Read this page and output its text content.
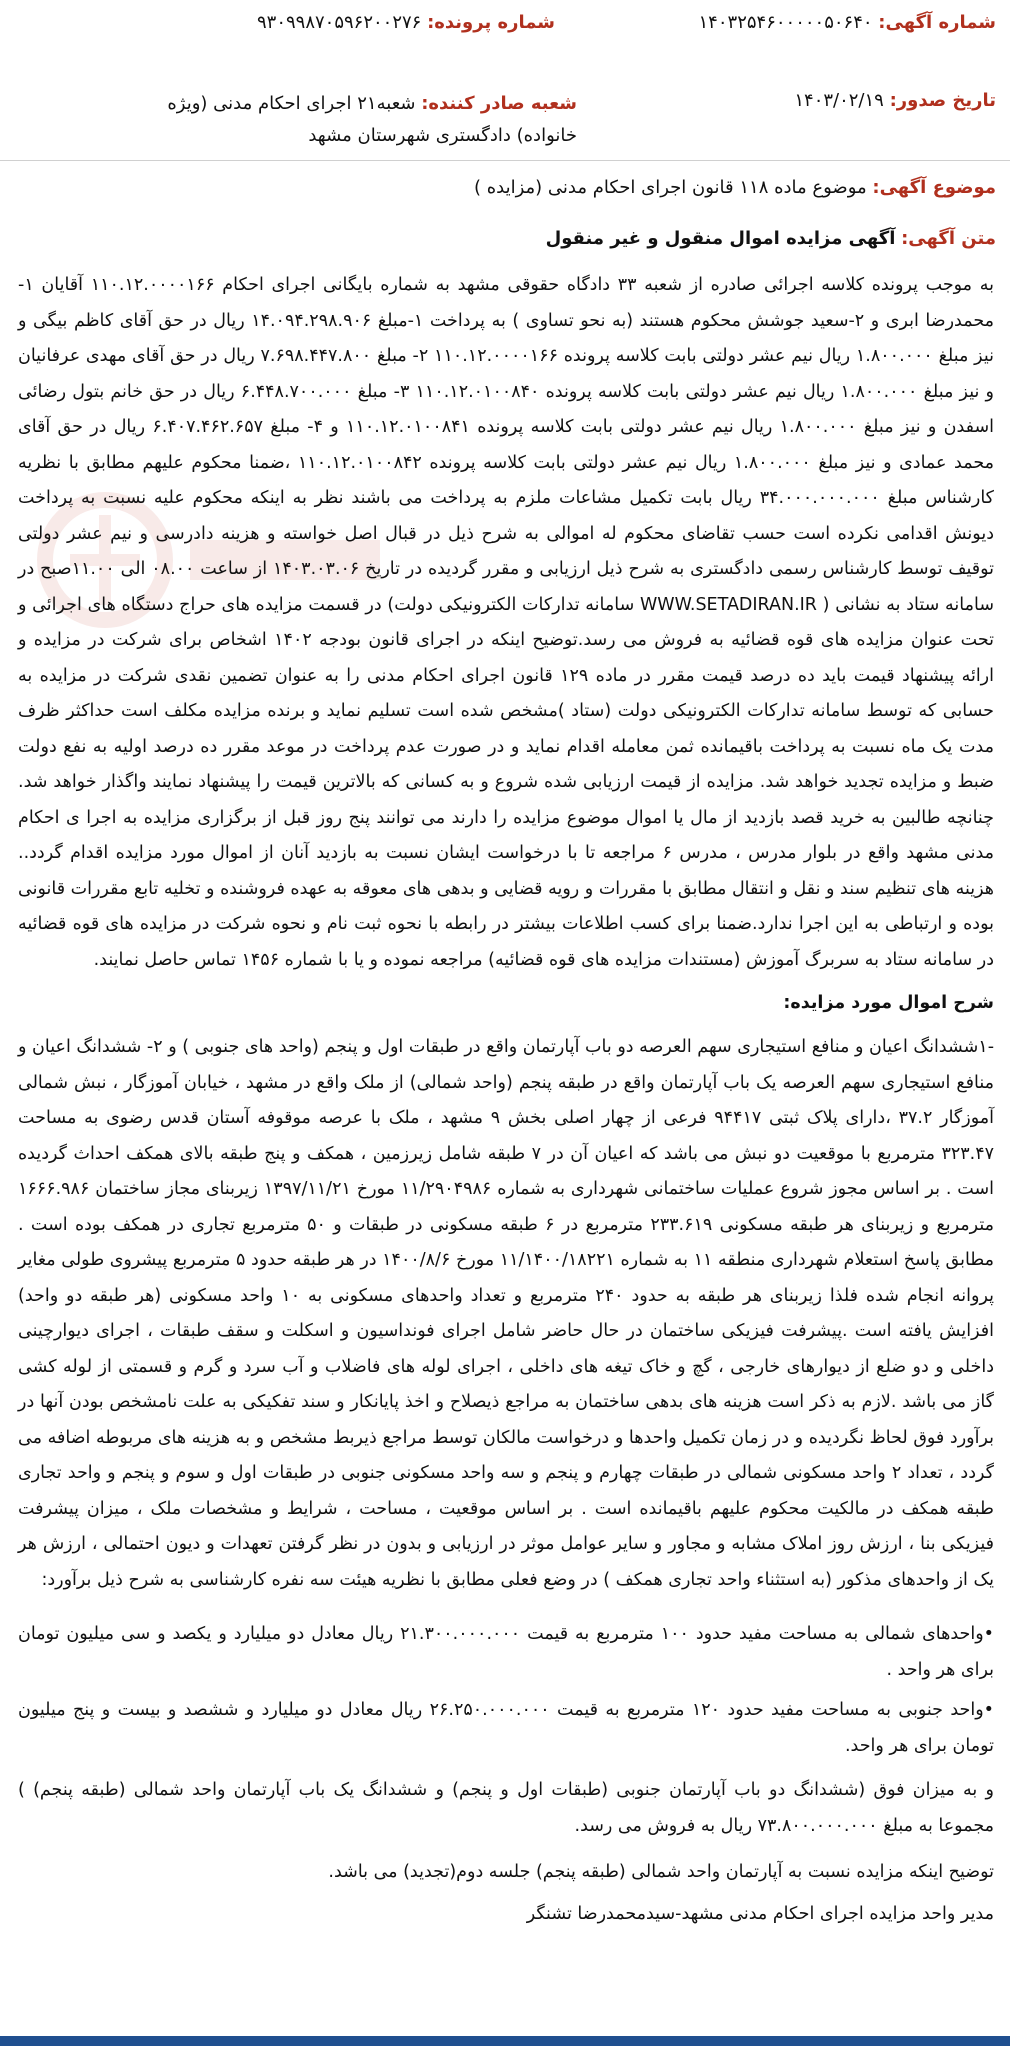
شماره آگهی: ۱۴۰۳۲۵۴۶۰۰۰۰۰۵۰۶۴۰
شماره پرونده: ۹۳۰۹۹۸۷۰۵۹۶۲۰۰۲۷۶
تاریخ صدور: ۱۴۰۳/۰۲/۱۹
شعبه صادر کننده: شعبه۲۱ اجرای احکام مدنی (ویژه خانواده) دادگستری شهرستان مشهد
موضوع آگهی: موضوع ماده ۱۱۸ قانون اجرای احکام مدنی (مزایده )
متن آگهی: آگهی مزایده اموال منقول و غیر منقول
به موجب پرونده کلاسه اجرائی صادره از شعبه ۳۳ دادگاه حقوقی مشهد به شماره بایگانی اجرای احکام ۱۱۰.۱۲.۰۰۰۰۱۶۶ آقایان ۱-محمدرضا ابری و ۲-سعید جوشش محکوم هستند (به نحو تساوی ) به پرداخت ۱-مبلغ ۱۴.۰۹۴.۲۹۸.۹۰۶ ریال در حق آقای کاظم بیگی و نیز مبلغ ۱.۸۰۰.۰۰۰ ریال نیم عشر دولتی بابت کلاسه پرونده ۱۱۰.۱۲.۰۰۰۰۱۶۶ ۲- مبلغ ۷.۶۹۸.۴۴۷.۸۰۰ ریال در حق آقای مهدی عرفانیان و نیز مبلغ ۱.۸۰۰.۰۰۰ ریال نیم عشر دولتی بابت کلاسه پرونده ۱۱۰.۱۲.۰۱۰۰۸۴۰ ۳- مبلغ ۶.۴۴۸.۷۰۰.۰۰۰ ریال در حق خانم بتول رضائی اسفدن و نیز مبلغ ۱.۸۰۰.۰۰۰ ریال نیم عشر دولتی بابت کلاسه پرونده ۱۱۰.۱۲.۰۱۰۰۸۴۱ و ۴- مبلغ ۶.۴۰۷.۴۶۲.۶۵۷ ریال در حق آقای محمد عمادی و نیز مبلغ ۱.۸۰۰.۰۰۰ ریال نیم عشر دولتی بابت کلاسه پرونده ۱۱۰.۱۲.۰۱۰۰۸۴۲ ،ضمنا محکوم علیهم مطابق با نظریه کارشناس مبلغ ۳۴.۰۰۰.۰۰۰.۰۰۰ ریال بابت تکمیل مشاعات ملزم به پرداخت می باشند نظر به اینکه محکوم علیه نسبت به پرداخت دیونش اقدامی نکرده است حسب تقاضای محکوم له اموالی به شرح ذیل در قبال اصل خواسته و هزینه دادرسی و نیم عشر دولتی توقیف توسط کارشناس رسمی دادگستری به شرح ذیل ارزیابی و مقرر گردیده در تاریخ ۱۴۰۳.۰۳.۰۶ از ساعت ۰۸.۰۰ الی ۱۱.۰۰صبح در سامانه ستاد به نشانی ( WWW.SETADIRAN.IR سامانه تدارکات الکترونیکی دولت) در قسمت مزایده های حراج دستگاه های اجرائی و تحت عنوان مزایده های قوه قضائیه به فروش می رسد.توضیح اینکه در اجرای قانون بودجه ۱۴۰۲ اشخاص برای شرکت در مزایده و ارائه پیشنهاد قیمت باید ده درصد قیمت مقرر در ماده ۱۲۹ قانون اجرای احکام مدنی را به عنوان تضمین نقدی شرکت در مزایده به حسابی که توسط سامانه تدارکات الکترونیکی دولت (ستاد )مشخص شده است تسلیم نماید و برنده مزایده مکلف است حداکثر ظرف مدت یک ماه نسبت به پرداخت باقیمانده ثمن معامله اقدام نماید و در صورت عدم پرداخت در موعد مقرر ده درصد اولیه به نفع دولت ضبط و مزایده تجدید خواهد شد. مزایده از قیمت ارزیابی شده شروع و به کسانی که بالاترین قیمت را پیشنهاد نمایند واگذار خواهد شد. چنانچه طالبین به خرید قصد بازدید از مال یا اموال موضوع مزایده را دارند می توانند پنج روز قبل از برگزاری مزایده به اجرا ی احکام مدنی مشهد واقع در بلوار مدرس ، مدرس ۶ مراجعه تا با درخواست ایشان نسبت به بازدید آنان از اموال مورد مزایده اقدام گردد.. هزینه های تنظیم سند و نقل و انتقال مطابق با مقررات و رویه قضایی و بدهی های معوقه به عهده فروشنده و تخلیه تابع مقررات قانونی بوده و ارتباطی به این اجرا ندارد.ضمنا برای کسب اطلاعات بیشتر در رابطه با نحوه ثبت نام و نحوه شرکت در مزایده های قوه قضائیه در سامانه ستاد به سربرگ آموزش (مستندات مزایده های قوه قضائیه) مراجعه نموده و یا با شماره ۱۴۵۶ تماس حاصل نمایند.
شرح اموال مورد مزایده:
-۱ششدانگ اعیان و منافع استیجاری سهم العرصه دو باب آپارتمان واقع در طبقات اول و پنجم (واحد های جنوبی ) و ۲- ششدانگ اعیان و منافع استیجاری سهم العرصه یک باب آپارتمان واقع در طبقه پنجم (واحد شمالی) از ملک واقع در مشهد ، خیابان آموزگار ، نبش شمالی آموزگار ۳۷.۲ ،دارای پلاک ثبتی ۹۴۴۱۷ فرعی از چهار اصلی بخش ۹ مشهد ، ملک با عرصه موقوفه آستان قدس رضوی به مساحت ۳۲۳.۴۷ مترمربع با موقعیت دو نبش می باشد که اعیان آن در ۷ طبقه شامل زیرزمین ، همکف و پنج طبقه بالای همکف احداث گردیده است . بر اساس مجوز شروع عملیات ساختمانی شهرداری به شماره ۱۱/۲۹۰۴۹۸۶ مورخ ۱۳۹۷/۱۱/۲۱ زیربنای مجاز ساختمان ۱۶۶۶.۹۸۶ مترمربع و زیربنای هر طبقه مسکونی ۲۳۳.۶۱۹ مترمربع در ۶ طبقه مسکونی در طبقات و ۵۰ مترمربع تجاری در همکف بوده است . مطابق پاسخ استعلام شهرداری منطقه ۱۱ به شماره ۱۱/۱۴۰۰/۱۸۲۲۱ مورخ ۱۴۰۰/۸/۶ در هر طبقه حدود ۵ مترمربع پیشروی طولی مغایر پروانه انجام شده فلذا زیربنای هر طبقه به حدود ۲۴۰ مترمربع و تعداد واحدهای مسکونی به ۱۰ واحد مسکونی (هر طبقه دو واحد) افزایش یافته است .پیشرفت فیزیکی ساختمان در حال حاضر شامل اجرای فونداسیون و اسکلت و سقف طبقات ، اجرای دیوارچینی داخلی و دو ضلع از دیوارهای خارجی ، گچ و خاک تیغه های داخلی ، اجرای لوله های فاضلاب و آب سرد و گرم و قسمتی از لوله کشی گاز می باشد .لازم به ذکر است هزینه های بدهی ساختمان به مراجع ذیصلاح و اخذ پایانکار و سند تفکیکی به علت نامشخص بودن آنها در برآورد فوق لحاظ نگردیده و در زمان تکمیل واحدها و درخواست مالکان توسط مراجع ذیربط مشخص و به هزینه های مربوطه اضافه می گردد ، تعداد ۲ واحد مسکونی شمالی در طبقات چهارم و پنجم و سه واحد مسکونی جنوبی در طبقات اول و سوم و پنجم و واحد تجاری طبقه همکف در مالکیت محکوم علیهم باقیمانده است . بر اساس موقعیت ، مساحت ، شرایط و مشخصات ملک ، میزان پیشرفت فیزیکی بنا ، ارزش روز املاک مشابه و مجاور و سایر عوامل موثر در ارزیابی و بدون در نظر گرفتن تعهدات و دیون احتمالی ، ارزش هر یک از واحدهای مذکور (به استثناء واحد تجاری همکف ) در وضع فعلی مطابق با نظریه هیئت سه نفره کارشناسی به شرح ذیل برآورد:
•واحدهای شمالی به مساحت مفید حدود ۱۰۰ مترمربع به قیمت ۲۱.۳۰۰.۰۰۰.۰۰۰ ریال معادل دو میلیارد و یکصد و سی میلیون تومان برای هر واحد .
•واحد جنوبی به مساحت مفید حدود ۱۲۰ مترمربع به قیمت ۲۶.۲۵۰.۰۰۰.۰۰۰ ریال معادل دو میلیارد و ششصد و بیست و پنج میلیون تومان برای هر واحد.
و به میزان فوق (ششدانگ دو باب آپارتمان جنوبی (طبقات اول و پنجم) و ششدانگ یک باب آپارتمان واحد شمالی (طبقه پنجم) ) مجموعا به مبلغ ۷۳.۸۰۰.۰۰۰.۰۰۰ ریال به فروش می رسد.
توضیح اینکه مزایده نسبت به آپارتمان واحد شمالی (طبقه پنجم) جلسه دوم(تجدید) می باشد.
مدیر واحد مزایده اجرای احکام مدنی مشهد-سیدمحمدرضا تشنگر
